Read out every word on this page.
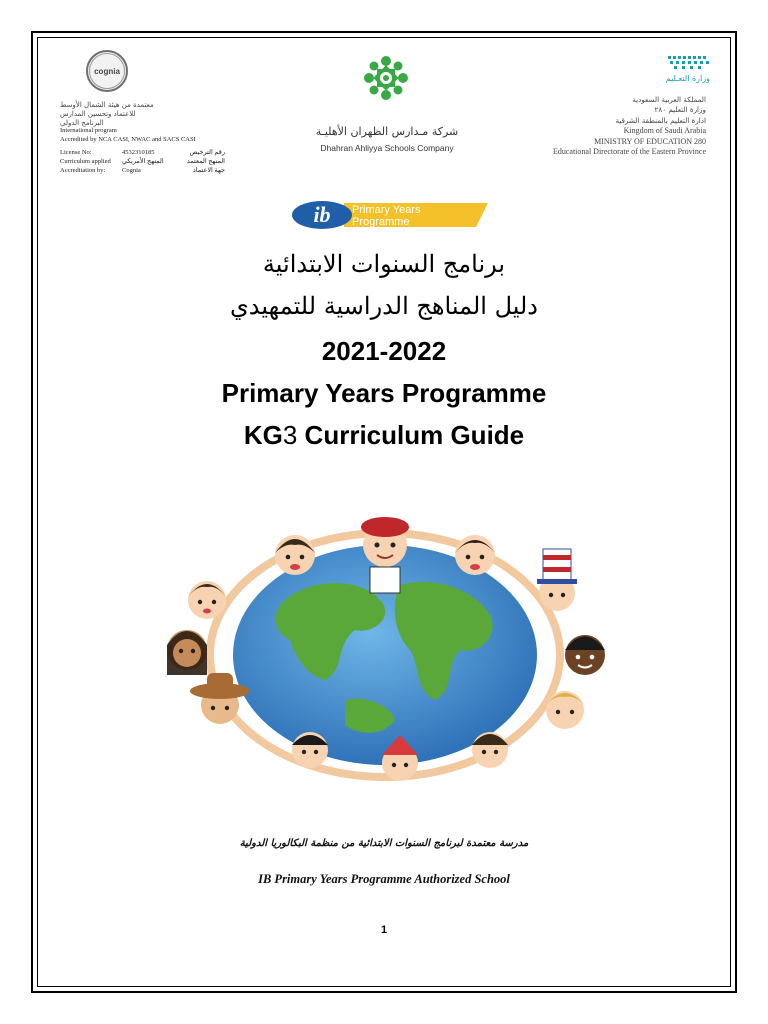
cognia
معتمدة من هيئة الشمال الأوسط
للاعتماد وتحسين المدارس
البرنامج الدولي
International program
Accredited by NCA CASI, NWAC and SACS CASI
License No:	4532310185	رقم الترخيص
Curriculum applied	المنهج الأمريكي	المنهج المعتمد
Accreditation by:	Cognia	جهة الاعتماد
شركة مـدارس الظهران الأهليـة
Dhahran Ahliyya Schools Company
وزارة التعـليم
المملكة العربية السعودية
وزارة التعليم ٢٨٠
ادارة التعليم بالمنطقة الشرقية
Kingdom of Saudi Arabia
MINISTRY OF EDUCATION 280
Educational Directorate of the Eastern Province
ib Primary Years
Programme
برنامج السنوات الابتدائية
دليل المناهج الدراسية للتمهيدي
2021-2022
Primary Years Programme
KG3 Curriculum Guide
مدرسة معتمدة لبرنامج السنوات الابتدائية من منظمة البكالوريا الدولية
IB Primary Years Programme Authorized School
1
